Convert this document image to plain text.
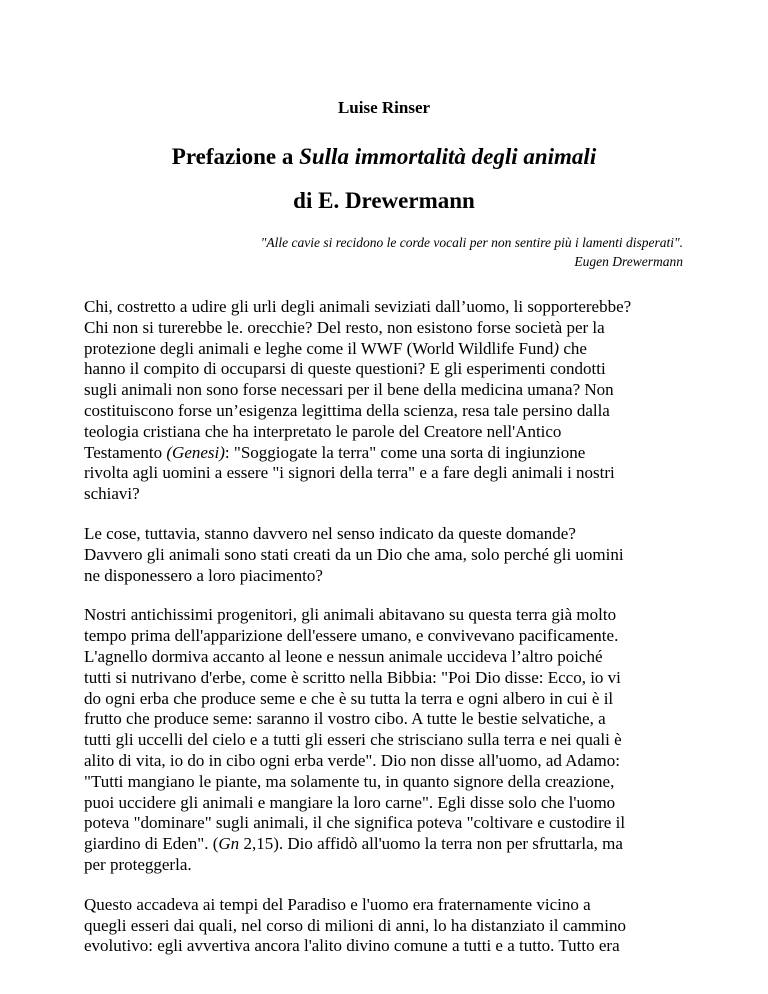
Luise Rinser

Prefazione a Sulla immortalità degli animali

di E. Drewermann

"Alle cavie si recidono le corde vocali per non sentire più i lamenti disperati".
Eugen Drewermann

Chi, costretto a udire gli urli degli animali seviziati dall’uomo, li sopporterebbe?
Chi non si turerebbe le. orecchie? Del resto, non esistono forse società per la
protezione degli animali e leghe come il WWF (World Wildlife Fund) che
hanno il compito di occuparsi di queste questioni? E gli esperimenti condotti
sugli animali non sono forse necessari per il bene della medicina umana? Non
costituiscono forse un’esigenza legittima della scienza, resa tale persino dalla
teologia cristiana che ha interpretato le parole del Creatore nell'Antico
Testamento (Genesi): "Soggiogate la terra" come una sorta di ingiunzione
rivolta agli uomini a essere "i signori della terra" e a fare degli animali i nostri
schiavi?

Le cose, tuttavia, stanno davvero nel senso indicato da queste domande?
Davvero gli animali sono stati creati da un Dio che ama, solo perché gli uomini
ne disponessero a loro piacimento?

Nostri antichissimi progenitori, gli animali abitavano su questa terra già molto
tempo prima dell'apparizione dell'essere umano, e convivevano pacificamente.
L'agnello dormiva accanto al leone e nessun animale uccideva l’altro poiché
tutti si nutrivano d'erbe, come è scritto nella Bibbia: "Poi Dio disse: Ecco, io vi
do ogni erba che produce seme e che è su tutta la terra e ogni albero in cui è il
frutto che produce seme: saranno il vostro cibo. A tutte le bestie selvatiche, a
tutti gli uccelli del cielo e a tutti gli esseri che strisciano sulla terra e nei quali è
alito di vita, io do in cibo ogni erba verde". Dio non disse all'uomo, ad Adamo:
"Tutti mangiano le piante, ma solamente tu, in quanto signore della creazione,
puoi uccidere gli animali e mangiare la loro carne". Egli disse solo che l'uomo
poteva "dominare" sugli animali, il che significa poteva "coltivare e custodire il
giardino di Eden". (Gn 2,15). Dio affidò all'uomo la terra non per sfruttarla, ma
per proteggerla.

Questo accadeva ai tempi del Paradiso e l'uomo era fraternamente vicino a
quegli esseri dai quali, nel corso di milioni di anni, lo ha distanziato il cammino
evolutivo: egli avvertiva ancora l'alito divino comune a tutti e a tutto. Tutto era
